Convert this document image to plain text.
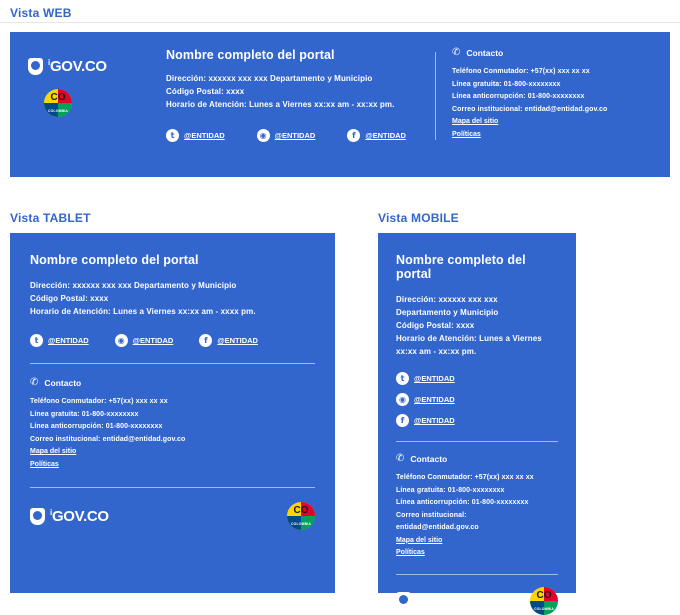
Vista WEB
$^i$GOV.CO
CO
COLOMBIA
Nombre completo del portal

Dirección: xxxxxx xxx xxx Departamento y Municipio

Código Postal: xxxx

Horario de Atención: Lunes a Viernes xx:xx am - xx:xx pm.

t	@ENTIDAD	◉	@ENTIDAD	f	@ENTIDAD
✆ Contacto

Teléfono Conmutador: +57(xx) xxx xx xx

Línea gratuita: 01-800-xxxxxxxx

Línea anticorrupción: 01-800-xxxxxxxx

Correo institucional: entidad@entidad.gov.co

Mapa del sitio
Políticas
Vista TABLET
Nombre completo del portal

Dirección: xxxxxx xxx xxx Departamento y Municipio

Código Postal: xxxx

Horario de Atención: Lunes a Viernes xx:xx am - xxxx pm.

t	@ENTIDAD	◉	@ENTIDAD	f	@ENTIDAD
✆ Contacto

Teléfono Conmutador: +57(xx) xxx xx xx

Línea gratuita: 01-800-xxxxxxxx

Línea anticorrupción: 01-800-xxxxxxxx

Correo institucional: entidad@entidad.gov.co

Mapa del sitio
Políticas
$^i$GOV.CO	CO
COLOMBIA
Vista MOBILE
Nombre completo del portal

Dirección: xxxxxx xxx xxx

Departamento y Municipio

Código Postal: xxxx

Horario de Atención: Lunes a Viernes

xx:xx am - xx:xx pm.

t	@ENTIDAD
◉	@ENTIDAD
f	@ENTIDAD
✆ Contacto

Teléfono Conmutador: +57(xx) xxx xx xx

Línea gratuita: 01-800-xxxxxxxx

Línea anticorrupción: 01-800-xxxxxxxx

Correo institucional:

entidad@entidad.gov.co

Mapa del sitio
Políticas
$^i$GOV.CO	CO
COLOMBIA
